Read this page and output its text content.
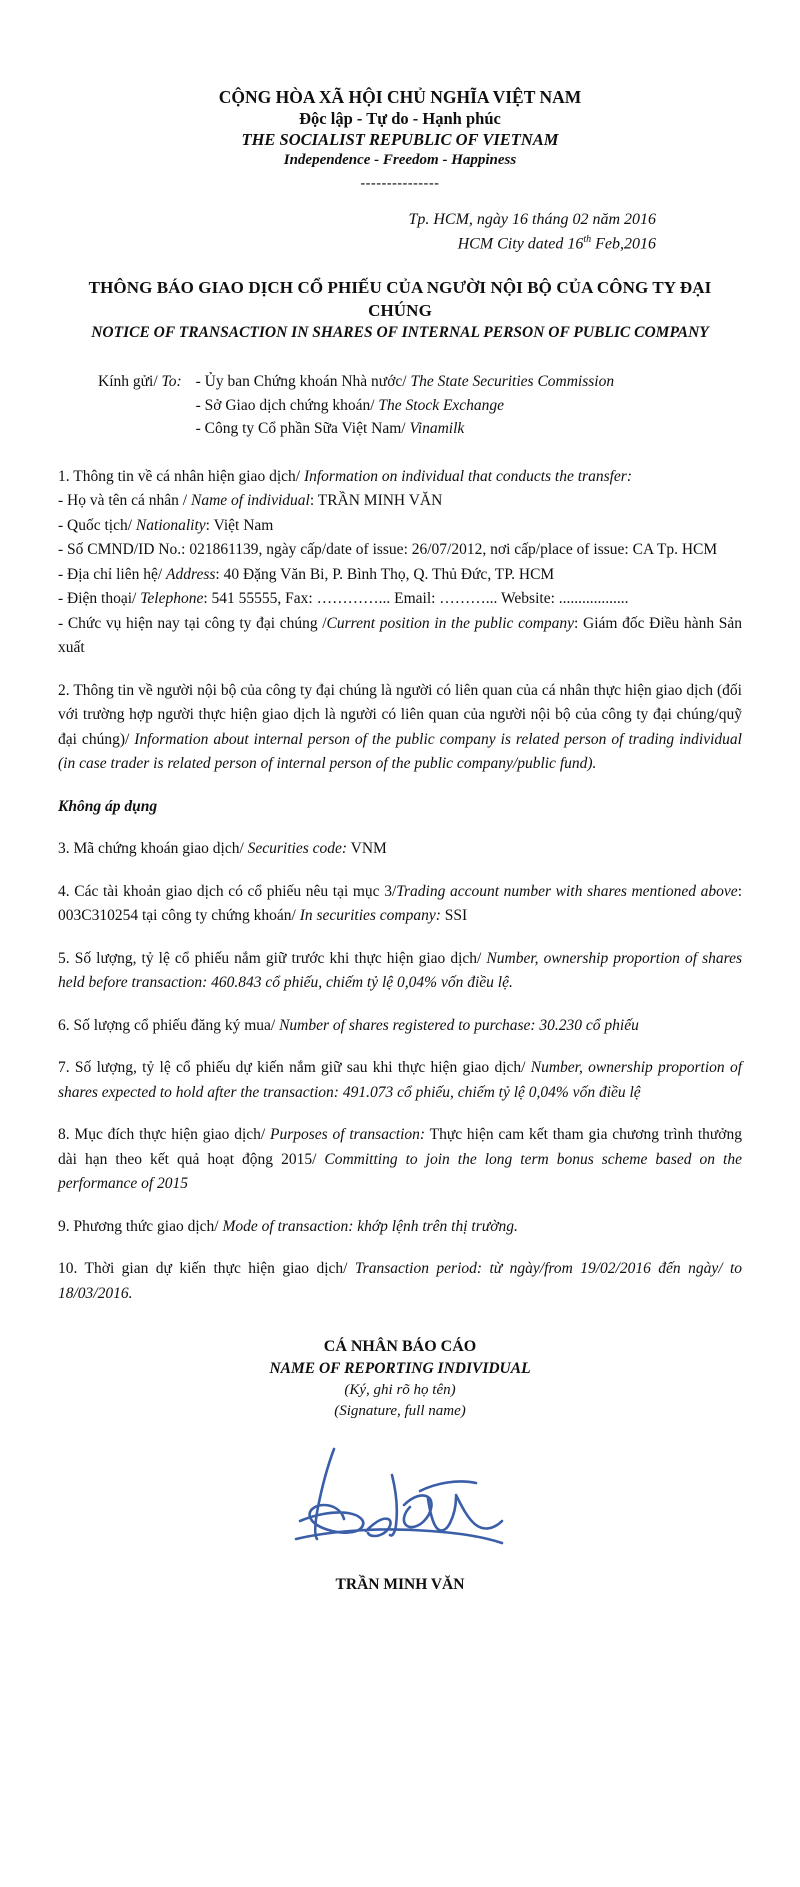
CỘNG HÒA XÃ HỘI CHỦ NGHĨA VIỆT NAM
Độc lập - Tự do - Hạnh phúc
THE SOCIALIST REPUBLIC OF VIETNAM
Independence - Freedom - Happiness
---------------
Tp. HCM, ngày 16 tháng 02 năm 2016
HCM City dated 16th Feb,2016
THÔNG BÁO GIAO DỊCH CỔ PHIẾU CỦA NGƯỜI NỘI BỘ CỦA CÔNG TY ĐẠI CHÚNG
NOTICE OF TRANSACTION IN SHARES OF INTERNAL PERSON OF PUBLIC COMPANY
Kính gửi/ To: - Ủy ban Chứng khoán Nhà nước/ The State Securities Commission
- Sở Giao dịch chứng khoán/ The Stock Exchange
- Công ty Cổ phần Sữa Việt Nam/ Vinamilk

1. Thông tin về cá nhân hiện giao dịch/ Information on individual that conducts the transfer:

- Họ và tên cá nhân / Name of individual: TRẦN MINH VĂN

- Quốc tịch/ Nationality: Việt Nam

- Số CMND/ID No.: 021861139, ngày cấp/date of issue: 26/07/2012, nơi cấp/place of issue: CA Tp. HCM

- Địa chỉ liên hệ/ Address: 40 Đặng Văn Bi, P. Bình Thọ, Q. Thủ Đức, TP. HCM

- Điện thoại/ Telephone: 541 55555, Fax: …………... Email: ………... Website: ..................

- Chức vụ hiện nay tại công ty đại chúng /Current position in the public company: Giám đốc Điều hành Sản xuất

2. Thông tin về người nội bộ của công ty đại chúng là người có liên quan của cá nhân thực hiện giao dịch (đối với trường hợp người thực hiện giao dịch là người có liên quan của người nội bộ của công ty đại chúng/quỹ đại chúng)/ Information about internal person of the public company is related person of trading individual (in case trader is related person of internal person of the public company/public fund).

Không áp dụng

3. Mã chứng khoán giao dịch/ Securities code: VNM

4. Các tài khoản giao dịch có cổ phiếu nêu tại mục 3/Trading account number with shares mentioned above: 003C310254 tại công ty chứng khoán/ In securities company: SSI

5. Số lượng, tỷ lệ cổ phiếu nắm giữ trước khi thực hiện giao dịch/ Number, ownership proportion of shares held before transaction: 460.843 cổ phiếu, chiếm tỷ lệ 0,04% vốn điều lệ.

6. Số lượng cổ phiếu đăng ký mua/ Number of shares registered to purchase: 30.230 cổ phiếu

7. Số lượng, tỷ lệ cổ phiếu dự kiến nắm giữ sau khi thực hiện giao dịch/ Number, ownership proportion of shares expected to hold after the transaction: 491.073 cổ phiếu, chiếm tỷ lệ 0,04% vốn điều lệ

8. Mục đích thực hiện giao dịch/ Purposes of transaction: Thực hiện cam kết tham gia chương trình thưởng dài hạn theo kết quả hoạt động 2015/ Committing to join the long term bonus scheme based on the performance of 2015

9. Phương thức giao dịch/ Mode of transaction: khớp lệnh trên thị trường.

10. Thời gian dự kiến thực hiện giao dịch/ Transaction period: từ ngày/from 19/02/2016 đến ngày/ to 18/03/2016.

CÁ NHÂN BÁO CÁO
NAME OF REPORTING INDIVIDUAL
(Ký, ghi rõ họ tên)
(Signature, full name)
TRẦN MINH VĂN
